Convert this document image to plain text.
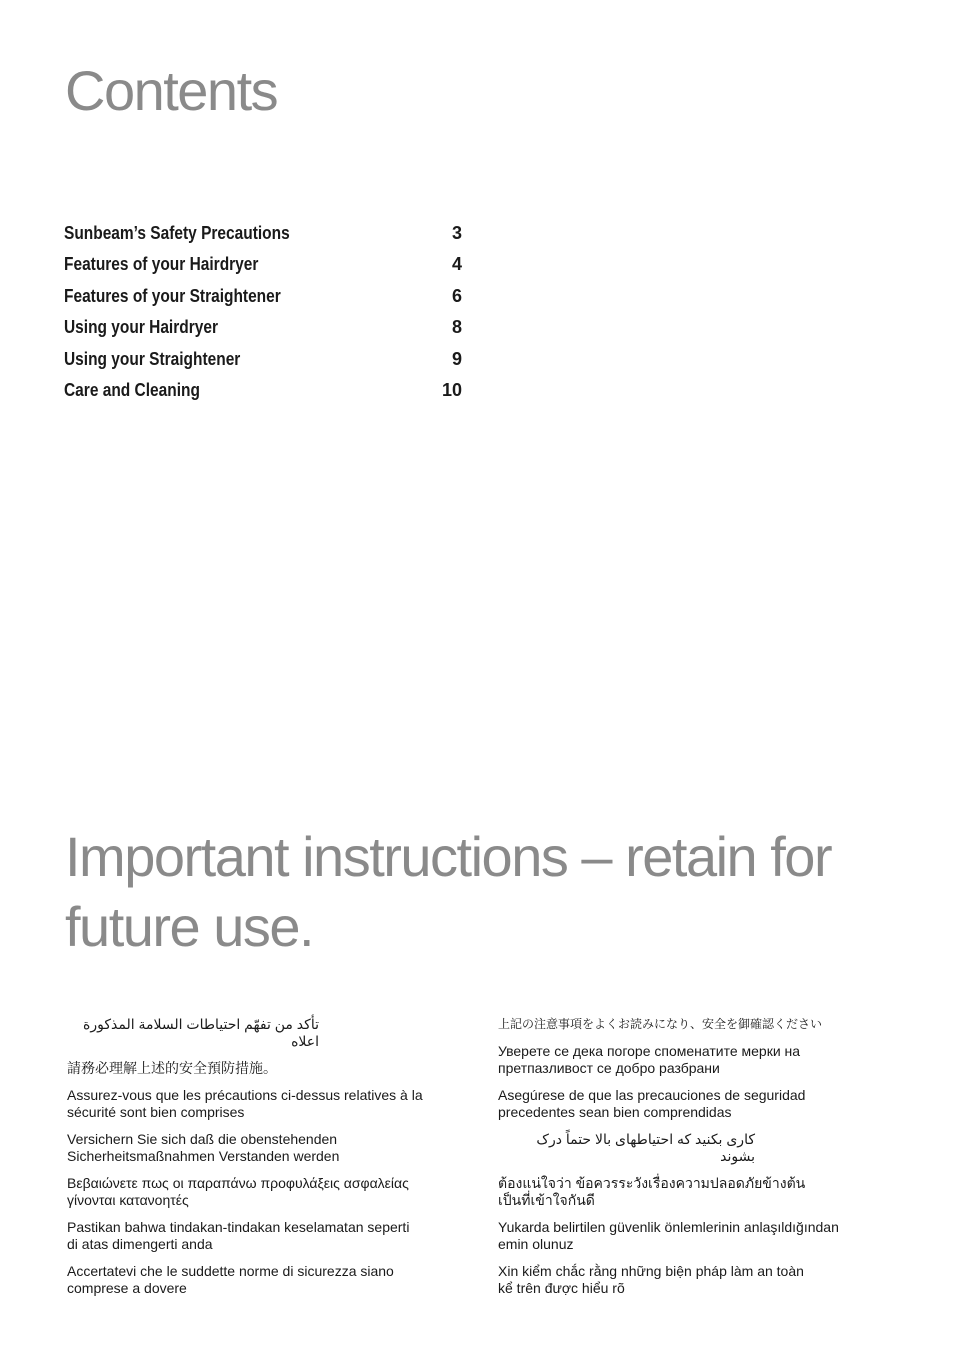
Contents
Sunbeam’s Safety Precautions	3
Features of your Hairdryer	4
Features of your Straightener	6
Using your Hairdryer	8
Using your Straightener	9
Care and Cleaning	10
Important instructions – retain for future use.

تأكد من تفهّم احتياطات السلامة المذكورة اعلاه

請務必理解上述的安全預防措施。

Assurez-vous que les précautions ci-dessus relatives à la
sécurité sont bien comprises

Versichern Sie sich daß die obenstehenden
Sicherheitsmaßnahmen Verstanden werden

Βεβαιώνετε πως οι παραπάνω προφυλάξεις ασφαλείας
γίνονται κατανοητές

Pastikan bahwa tindakan-tindakan keselamatan seperti
di atas dimengerti anda

Accertatevi che le suddette norme di sicurezza siano
comprese a dovere

上記の注意事項をよくお読みになり、安全を御確認ください

Уверете се дека погоре споменатите мерки на
претпазливост се добро разбрани

Asegúrese de que las precauciones de seguridad
precedentes sean bien comprendidas

کاری بکنید که احتیاطهای بالا حتماً درک بشوند

ต้องแน่ใจว่า ข้อควรระวังเรื่องความปลอดภัยข้างต้น
เป็นที่เข้าใจกันดี

Yukarda belirtilen güvenlik önlemlerinin anlaşıldığından
emin olunuz

Xin kiểm chắc rằng những biện pháp làm an toàn
kể trên được hiểu rõ
